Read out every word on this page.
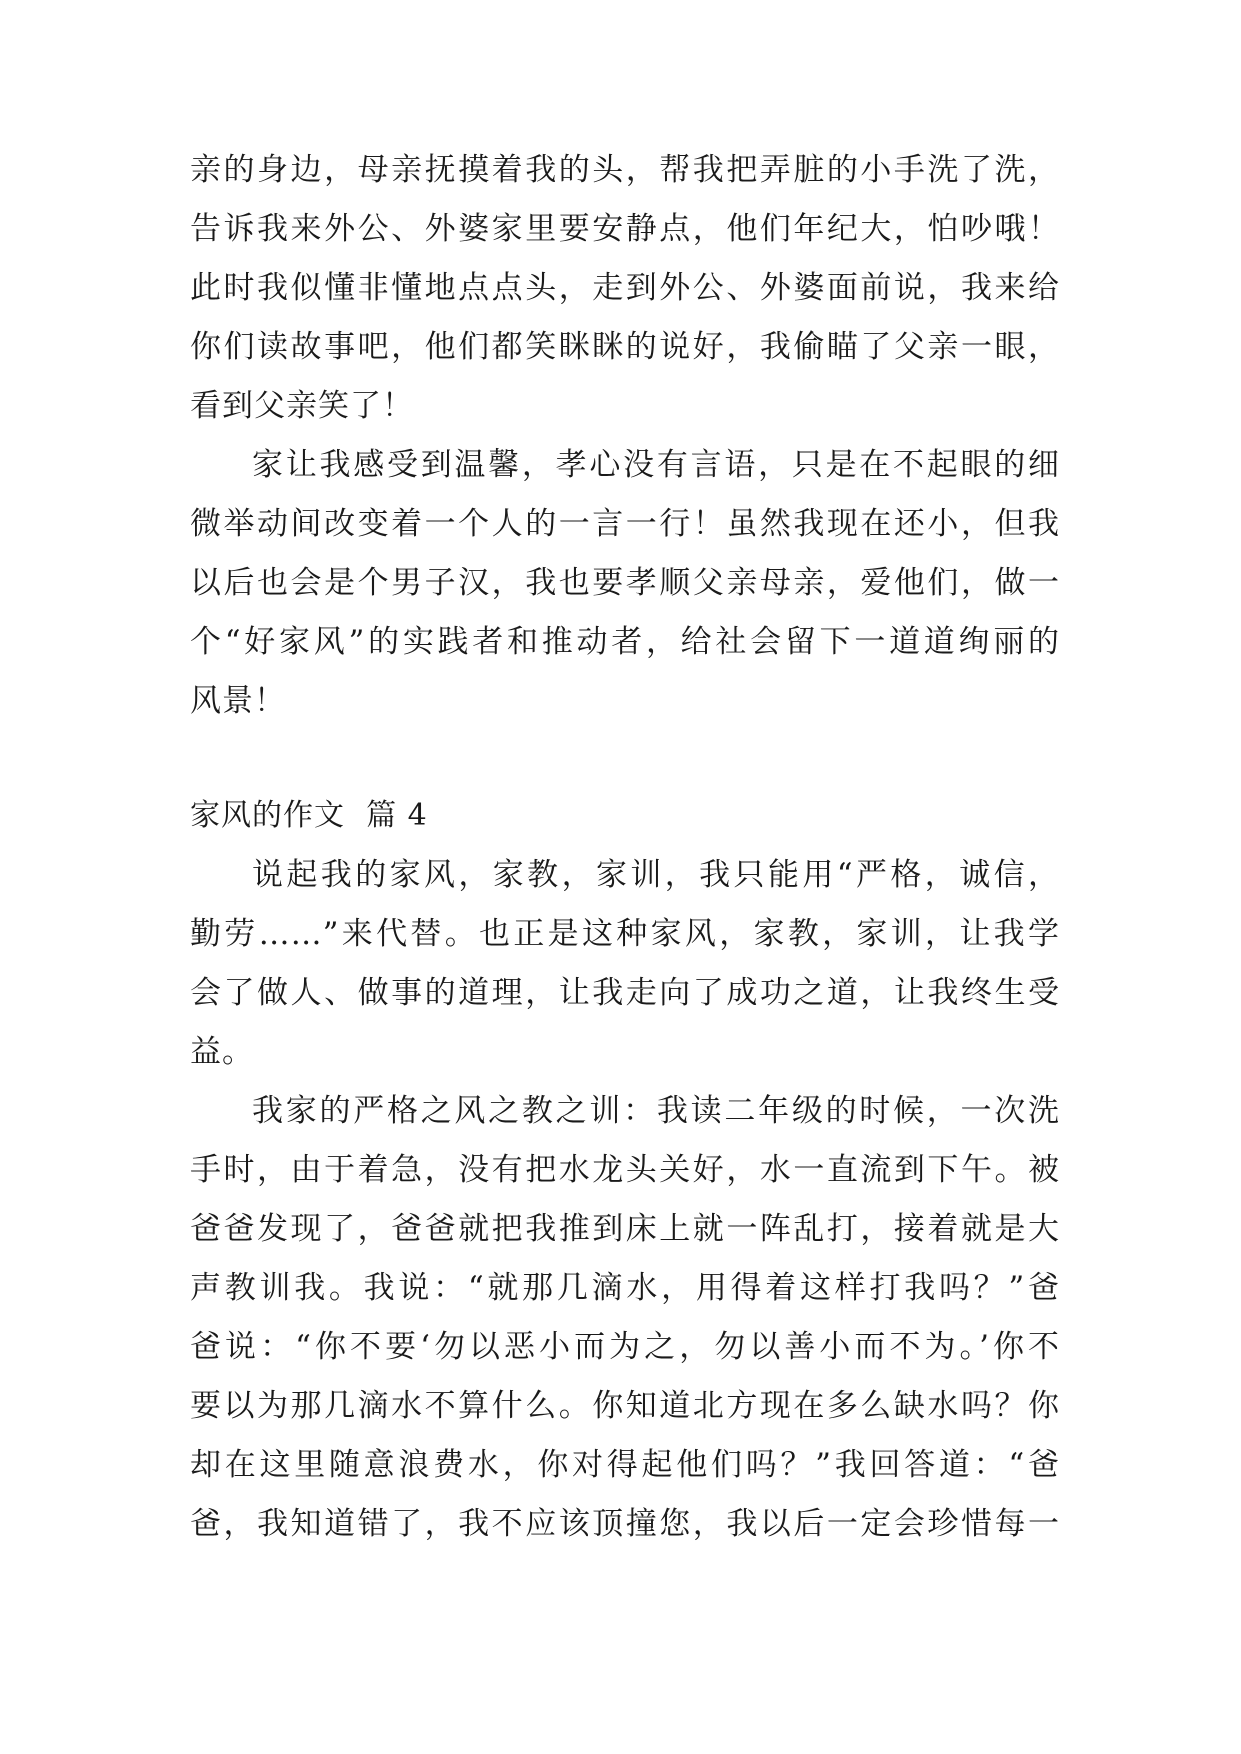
亲的身边，母亲抚摸着我的头，帮我把弄脏的小手洗了洗，
告诉我来外公、外婆家里要安静点，他们年纪大，怕吵哦！
此时我似懂非懂地点点头，走到外公、外婆面前说，我来给
你们读故事吧，他们都笑眯眯的说好，我偷瞄了父亲一眼，
看到父亲笑了！
家让我感受到温馨，孝心没有言语，只是在不起眼的细
微举动间改变着一个人的一言一行！虽然我现在还小，但我
以后也会是个男子汉，我也要孝顺父亲母亲，爱他们，做一
个“好家风”的实践者和推动者，给社会留下一道道绚丽的
风景！
家风的作文  篇 4
说起我的家风，家教，家训，我只能用“严格，诚信，
勤劳……”来代替。也正是这种家风，家教，家训，让我学
会了做人、做事的道理，让我走向了成功之道，让我终生受
益。
我家的严格之风之教之训：我读二年级的时候，一次洗
手时，由于着急，没有把水龙头关好，水一直流到下午。被
爸爸发现了，爸爸就把我推到床上就一阵乱打，接着就是大
声教训我。我说：“就那几滴水，用得着这样打我吗？”爸
爸说：“你不要‘勿以恶小而为之，勿以善小而不为。’你不
要以为那几滴水不算什么。你知道北方现在多么缺水吗？你
却在这里随意浪费水，你对得起他们吗？”我回答道：“爸
爸，我知道错了，我不应该顶撞您，我以后一定会珍惜每一
